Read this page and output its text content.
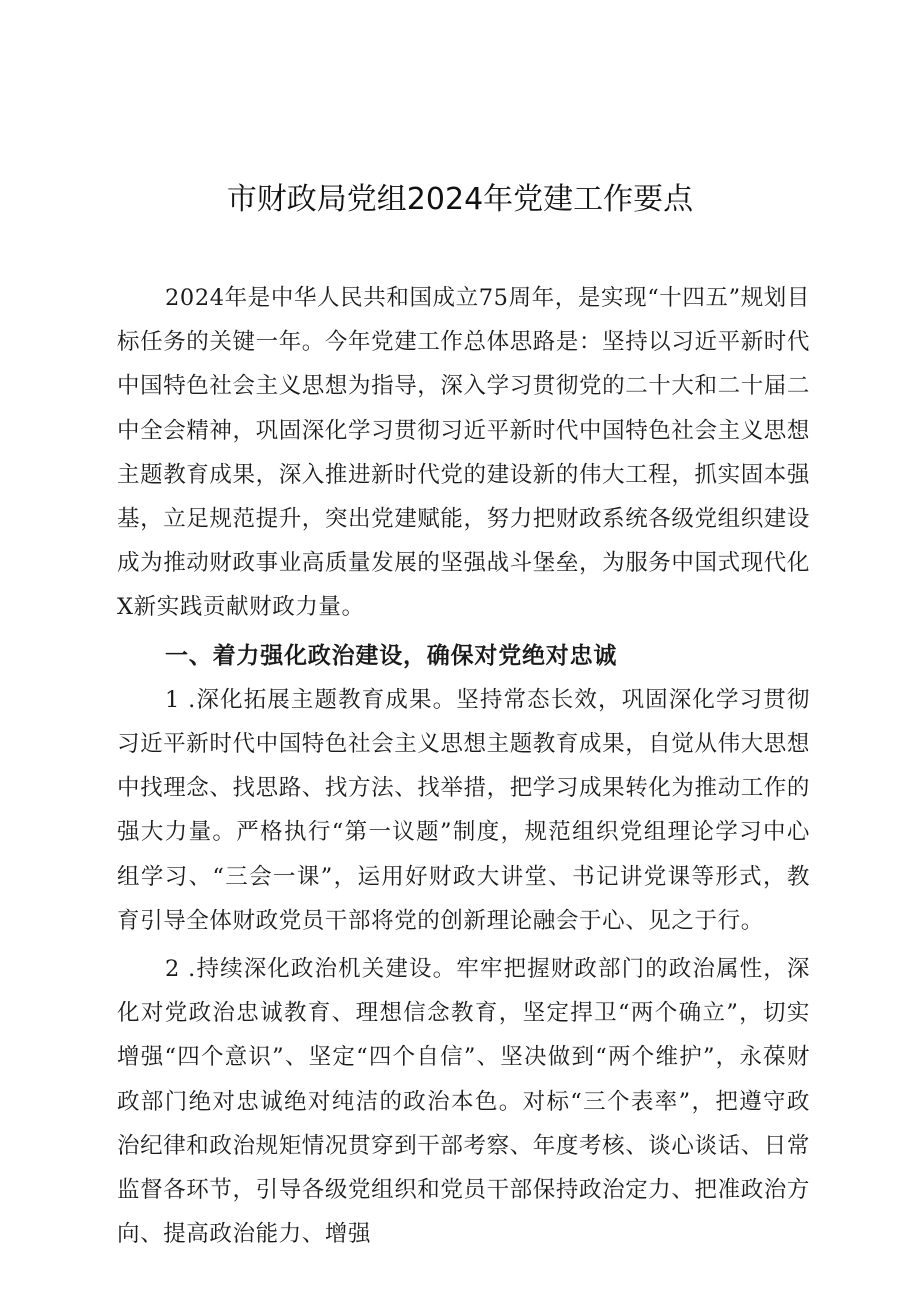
市财政局党组2024年党建工作要点

2024年是中华人民共和国成立75周年，是实现“十四五”规划目标任务的关键一年。今年党建工作总体思路是：坚持以习近平新时代中国特色社会主义思想为指导，深入学习贯彻党的二十大和二十届二中全会精神，巩固深化学习贯彻习近平新时代中国特色社会主义思想主题教育成果，深入推进新时代党的建设新的伟大工程，抓实固本强基，立足规范提升，突出党建赋能，努力把财政系统各级党组织建设成为推动财政事业高质量发展的坚强战斗堡垒，为服务中国式现代化X新实践贡献财政力量。

一、着力强化政治建设，确保对党绝对忠诚

1 .深化拓展主题教育成果。坚持常态长效，巩固深化学习贯彻习近平新时代中国特色社会主义思想主题教育成果，自觉从伟大思想中找理念、找思路、找方法、找举措，把学习成果转化为推动工作的强大力量。严格执行“第一议题”制度，规范组织党组理论学习中心组学习、“三会一课”，运用好财政大讲堂、书记讲党课等形式，教育引导全体财政党员干部将党的创新理论融会于心、见之于行。

2 .持续深化政治机关建设。牢牢把握财政部门的政治属性，深化对党政治忠诚教育、理想信念教育，坚定捍卫“两个确立”，切实增强“四个意识”、坚定“四个自信”、坚决做到“两个维护”，永葆财政部门绝对忠诚绝对纯洁的政治本色。对标“三个表率”，把遵守政治纪律和政治规矩情况贯穿到干部考察、年度考核、谈心谈话、日常监督各环节，引导各级党组织和党员干部保持政治定力、把准政治方向、提高政治能力、增强
